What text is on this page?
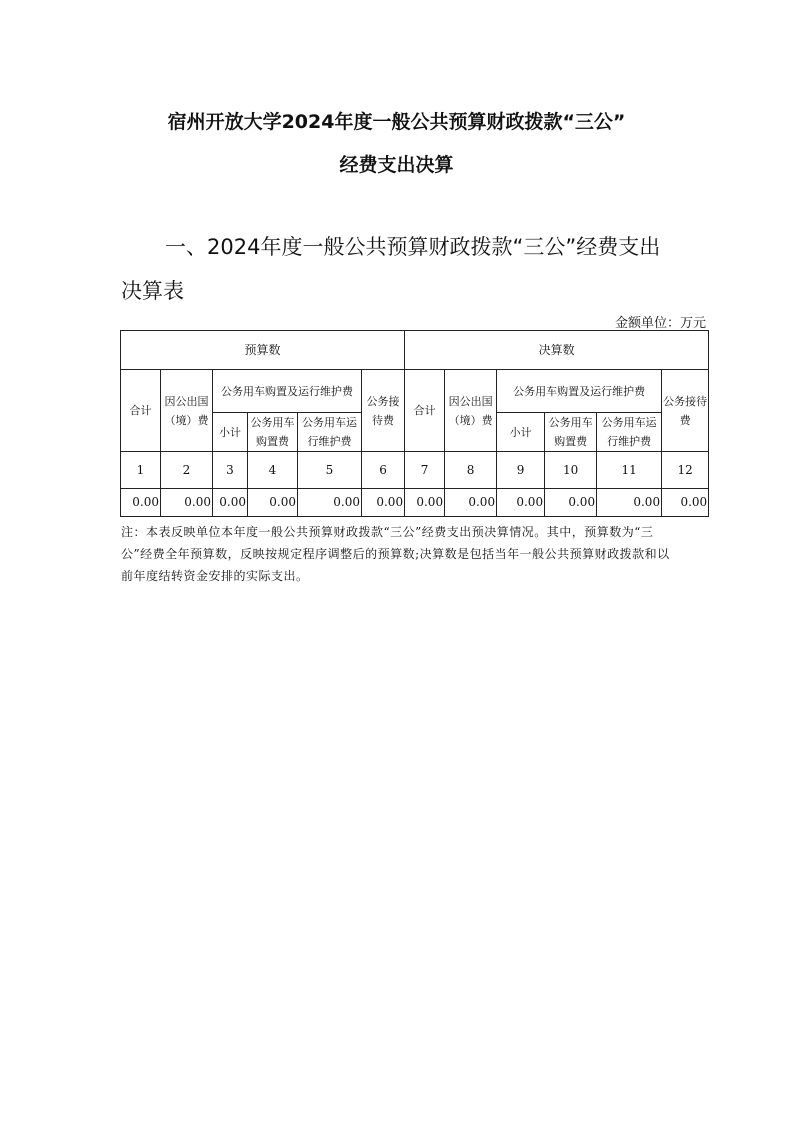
宿州开放大学2024年度一般公共预算财政拨款“三公”
经费支出决算
一、2024年度一般公共预算财政拨款“三公”经费支出决算表
金额单位：万元
预算数						决算数					
合计	因公出国（境）费	公务用车购置及运行维护费			公务接待费	合计	因公出国（境）费	公务用车购置及运行维护费			公务接待费
		小计	公务用车购置费	公务用车运行维护费				小计	公务用车购置费	公务用车运行维护费	
1	2	3	4	5	6	7	8	9	10	11	12
0.00	0.00	0.00	0.00	0.00	0.00	0.00	0.00	0.00	0.00	0.00	0.00

注：本表反映单位本年度一般公共预算财政拨款“三公”经费支出预决算情况。其中，预算数为“三公”经费全年预算数，反映按规定程序调整后的预算数;决算数是包括当年一般公共预算财政拨款和以前年度结转资金安排的实际支出。
